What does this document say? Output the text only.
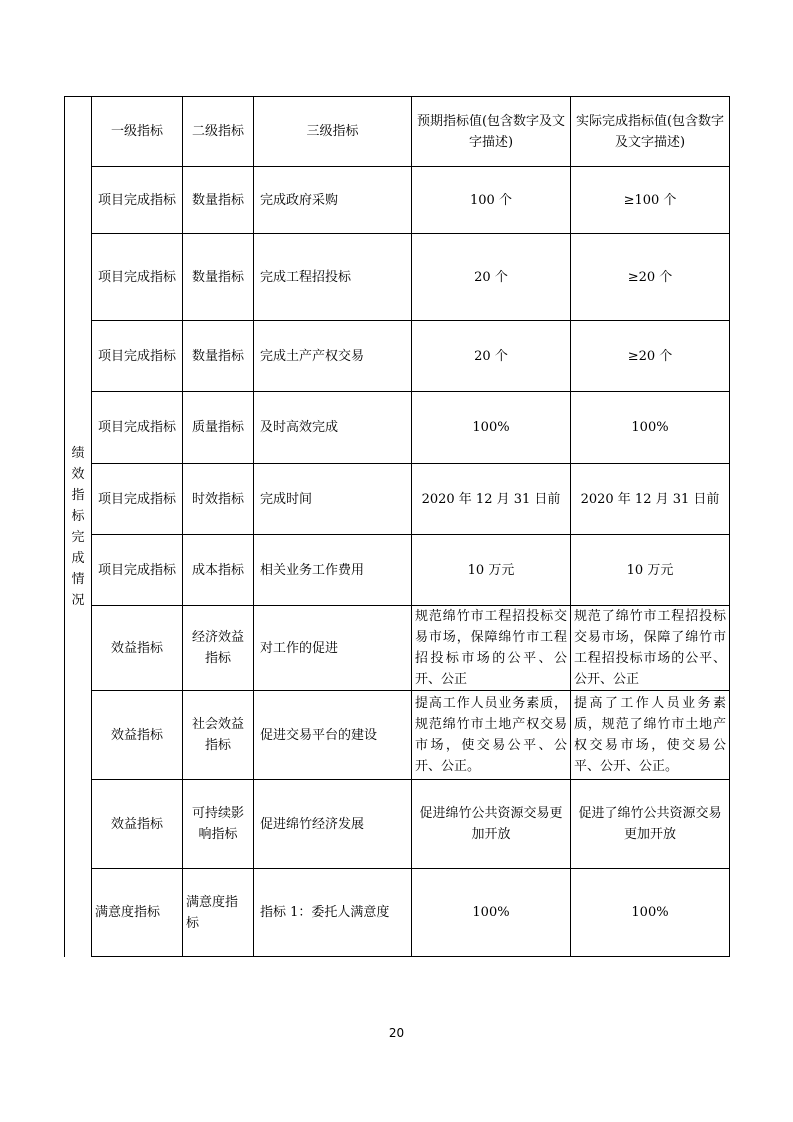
绩效指标完成情况	一级指标	二级指标	三级指标	预期指标值(包含数字及文字描述)	实际完成指标值(包含数字及文字描述)
	项目完成指标	数量指标	完成政府采购	100 个	≥100 个
	项目完成指标	数量指标	完成工程招投标	20 个	≥20 个
	项目完成指标	数量指标	完成土产产权交易	20 个	≥20 个
	项目完成指标	质量指标	及时高效完成	100%	100%
	项目完成指标	时效指标	完成时间	2020 年 12 月 31 日前	2020 年 12 月 31 日前
	项目完成指标	成本指标	相关业务工作费用	10 万元	10 万元
	效益指标	经济效益指标	对工作的促进	规范绵竹市工程招投标交易市场，保障绵竹市工程招投标市场的公平、公开、公正	规范了绵竹市工程招投标交易市场，保障了绵竹市工程招投标市场的公平、公开、公正
	效益指标	社会效益指标	促进交易平台的建设	提高工作人员业务素质，规范绵竹市土地产权交易市场，使交易公平、公开、公正。	提高了工作人员业务素质，规范了绵竹市土地产权交易市场，使交易公平、公开、公正。
	效益指标	可持续影响指标	促进绵竹经济发展	促进绵竹公共资源交易更加开放	促进了绵竹公共资源交易更加开放
	满意度指标	满意度指标	指标 1：委托人满意度	100%	100%
20
